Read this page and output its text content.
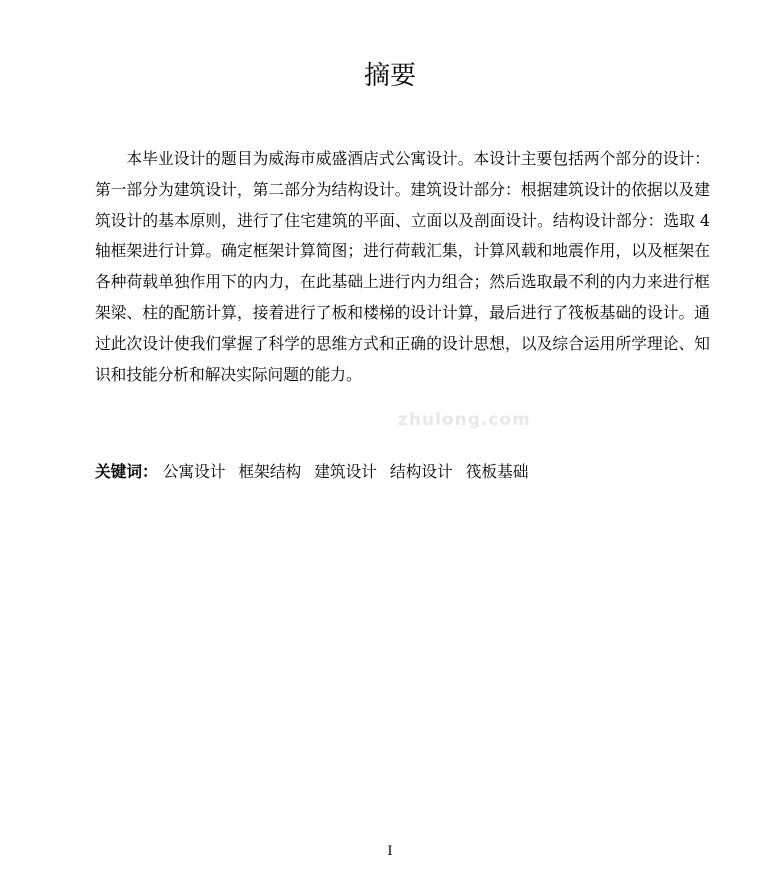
zhulong.com
摘要

本毕业设计的题目为威海市威盛酒店式公寓设计。本设计主要包括两个部分的设计：第一部分为建筑设计，第二部分为结构设计。建筑设计部分：根据建筑设计的依据以及建筑设计的基本原则，进行了住宅建筑的平面、立面以及剖面设计。结构设计部分：选取 4 轴框架进行计算。确定框架计算简图；进行荷载汇集，计算风载和地震作用，以及框架在各种荷载单独作用下的内力，在此基础上进行内力组合；然后选取最不利的内力来进行框架梁、柱的配筋计算，接着进行了板和楼梯的设计计算，最后进行了筏板基础的设计。通过此次设计使我们掌握了科学的思维方式和正确的设计思想，以及综合运用所学理论、知识和技能分析和解决实际问题的能力。

关键词： 公寓设计 框架结构 建筑设计 结构设计 筏板基础
I
